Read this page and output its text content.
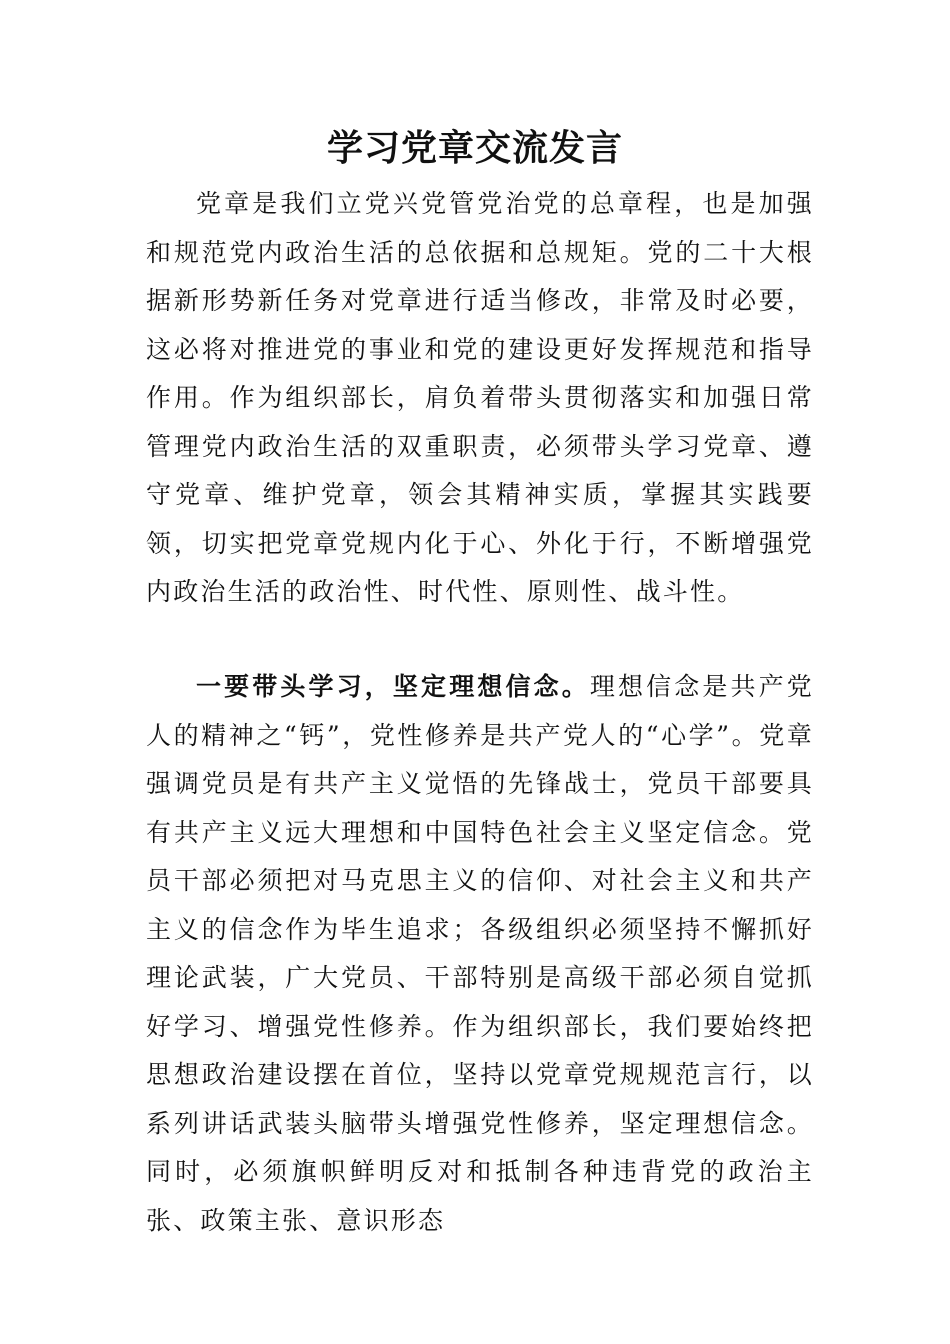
学习党章交流发言

党章是我们立党兴党管党治党的总章程，也是加强和规范党内政治生活的总依据和总规矩。党的二十大根据新形势新任务对党章进行适当修改，非常及时必要，这必将对推进党的事业和党的建设更好发挥规范和指导作用。作为组织部长，肩负着带头贯彻落实和加强日常管理党内政治生活的双重职责，必须带头学习党章、遵守党章、维护党章，领会其精神实质，掌握其实践要领，切实把党章党规内化于心、外化于行，不断增强党内政治生活的政治性、时代性、原则性、战斗性。

一要带头学习，坚定理想信念。理想信念是共产党人的精神之“钙”，党性修养是共产党人的“心学”。党章强调党员是有共产主义觉悟的先锋战士，党员干部要具有共产主义远大理想和中国特色社会主义坚定信念。党员干部必须把对马克思主义的信仰、对社会主义和共产主义的信念作为毕生追求；各级组织必须坚持不懈抓好理论武装，广大党员、干部特别是高级干部必须自觉抓好学习、增强党性修养。作为组织部长，我们要始终把思想政治建设摆在首位，坚持以党章党规规范言行，以系列讲话武装头脑带头增强党性修养，坚定理想信念。同时，必须旗帜鲜明反对和抵制各种违背党的政治主张、政策主张、意识形态
